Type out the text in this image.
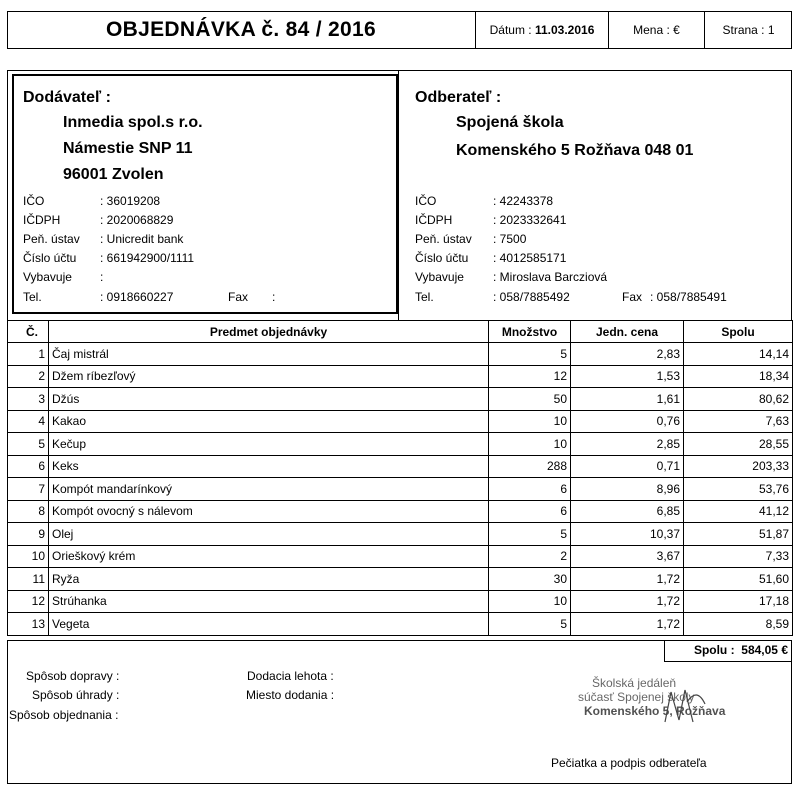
OBJEDNÁVKA č. 84 / 2016	Dátum : 11.03.2016	Mena : €	Strana : 1
Dodávateľ :
Inmedia spol.s r.o.
Námestie SNP 11
96001 Zvolen
IČO	: 36019208
IČDPH	: 2020068829
Peň. ústav : Unicredit bank
Číslo účtu : 661942900/1111
Vybavuje :
Tel.	: 0918660227	Fax :
Odberateľ :
Spojená škola
Komenského 5 Rožňava 048 01
IČO	: 42243378
IČDPH	: 2023332641
Peň. ústav : 7500
Číslo účtu : 4012585171
Vybavuje : Miroslava Barcziová
Tel.	: 058/7885492	Fax : 058/7885491
Č.	Predmet objednávky	Množstvo	Jedn. cena	Spolu
1	Čaj mistrál	5	2,83	14,14
2	Džem ríbezľový	12	1,53	18,34
3	Džús	50	1,61	80,62
4	Kakao	10	0,76	7,63
5	Kečup	10	2,85	28,55
6	Keks	288	0,71	203,33
7	Kompót mandarínkový	6	8,96	53,76
8	Kompót ovocný s nálevom	6	6,85	41,12
9	Olej	5	10,37	51,87
10	Orieškový krém	2	3,67	7,33
11	Ryža	30	1,72	51,60
12	Strúhanka	10	1,72	17,18
13	Vegeta	5	1,72	8,59
Spolu : 584,05 €
Spôsob dopravy :
Spôsob úhrady :
Spôsob objednania :
Dodacia lehota :
Miesto dodania :
Školská jedáleň
súčasť Spojenej školy
Komenského 5, Rožňava
Pečiatka a podpis odberateľa
